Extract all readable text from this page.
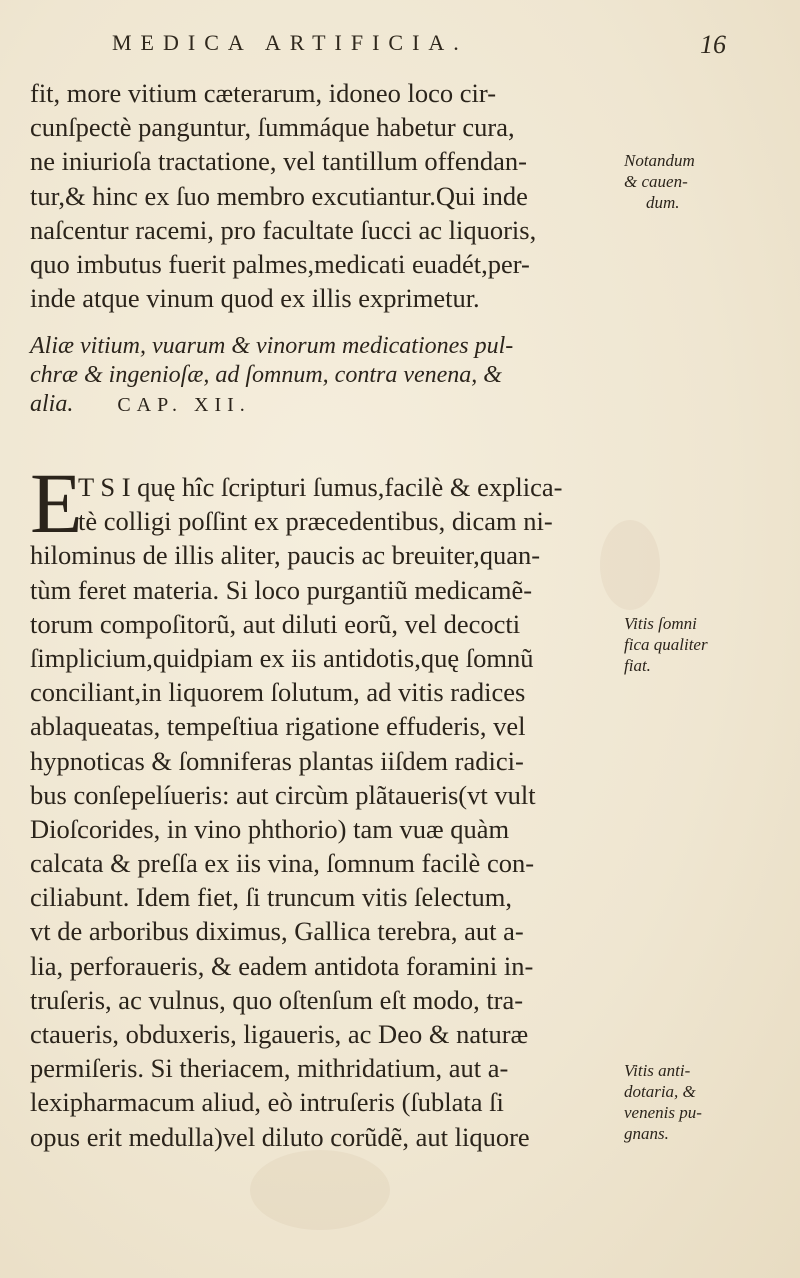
MEDICA ARTIFICIA.	16
fit, more vitium cæterarum, idoneo loco cir-
cunſpectè panguntur, ſummáque habetur cura,
ne iniurioſa tractatione, vel tantillum offendan-
tur,& hinc ex ſuo membro excutiantur.Qui inde
naſcentur racemi, pro facultate ſucci ac liquoris,
quo imbutus fuerit palmes,medicati euadét,per-
inde atque vinum quod ex illis exprimetur.
Aliæ vitium, vuarum & vinorum medicationes pul-
chræ & ingenioſæ, ad ſomnum, contra venena, &
alia. CAP. XII.
E
T S I quę hîc ſcripturi ſumus,facilè & explica-
tè colligi poſſint ex præcedentibus, dicam ni-
hilominus de illis aliter, paucis ac breuiter,quan-
tùm feret materia. Si loco purgantiũ medicamẽ-
torum compoſitorũ, aut diluti eorũ, vel decocti
ſimplicium,quidpiam ex iis antidotis,quę ſomnũ
conciliant,in liquorem ſolutum, ad vitis radices
ablaqueatas, tempeſtiua rigatione effuderis, vel
hypnoticas & ſomniferas plantas iiſdem radici-
bus conſepelíueris: aut circùm plãtaueris(vt vult
Dioſcorides, in vino phthorio) tam vuæ quàm
calcata & preſſa ex iis vina, ſomnum facilè con-
ciliabunt. Idem fiet, ſi truncum vitis ſelectum,
vt de arboribus diximus, Gallica terebra, aut a-
lia, perforaueris, & eadem antidota foramini in-
truſeris, ac vulnus, quo oſtenſum eſt modo, tra-
ctaueris, obduxeris, ligaueris, ac Deo & naturæ
permiſeris. Si theriacem, mithridatium, aut a-
lexipharmacum aliud, eò intruſeris (ſublata ſi
opus erit medulla)vel diluto corũdẽ, aut liquore
Notandum
& cauen-
dum.
Vitis ſomni
fica qualiter
fiat.
Vitis anti-
dotaria, &
venenis pu-
gnans.
